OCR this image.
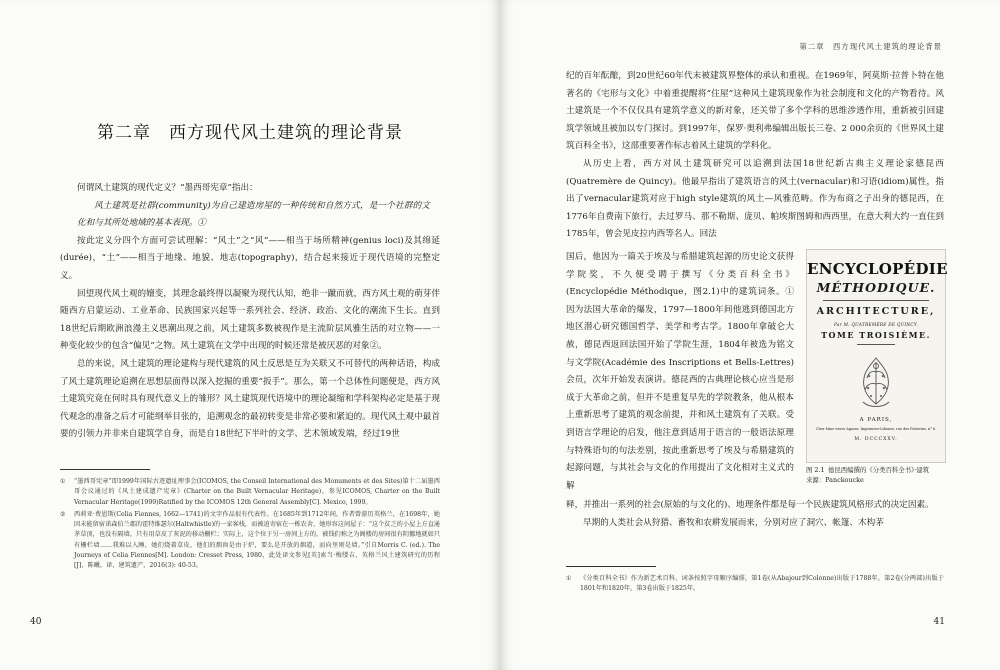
第二章　西方现代风土建筑的理论背景

何谓风土建筑的现代定义？“墨西哥宪章”指出：

风土建筑是社群(community)为自己建造房屋的一种传统和自然方式，是一个社群的文化和与其所处地域的基本表现。①

按此定义分四个方面可尝试理解：“风土”之“风”——相当于场所精神(genius loci)及其绵延(durée)，“土”——相当于地缘、地貌、地志(topography)，结合起来接近于现代语境的完整定义。

回望现代风土观的嬗变，其理念最终得以凝聚为现代认知，绝非一蹴而就，西方风土观的萌芽伴随西方启蒙运动、工业革命、民族国家兴起等一系列社会、经济、政治、文化的潮流下生长。直到18世纪后期欧洲浪漫主义思潮出现之前，风土建筑多数被视作是主流阶层风雅生活的对立物——一种变化较少的包含“偏见”之物。风土建筑在文学中出现的时候还常是被厌恶的对象②。

总的来说，风土建筑的理论建构与现代建筑的风土反思是互为关联又不可替代的两种话语，构成了风土建筑理论追溯在思想层面得以深入挖掘的重要“扳手”。那么，第一个总体性问题便是，西方风土建筑究竟在何时具有现代意义上的雏形？风土建筑现代语境中的理论凝缩和学科架构必定是基于现代观念的准备之后才可能纲举目张的，追溯观念的最初转变是非常必要和紧迫的。现代风土观中最首要的引领力并非来自建筑学自身，而是自18世纪下半叶的文学、艺术领域发端，经过19世

①	“墨西哥宪章”即1999年国际古迹遗址理事会(ICOMOS, the Conseil International des Monuments et des Sites)第十二届墨西哥会议通过的《风土建成遗产宪章》(Charter on the Built Vernacular Heritage)，参见ICOMOS, Charter on the Built Vernacular Heritage(1999)Ratified by the ICOMOS 12th General Assembly[C]. Mexico, 1999。
②	西莉亚·费恩斯(Celia Fiennes, 1662—1741)的文字作品很有代表性。在1685年到1712年间，作者曾游历英格兰，在1698年，她因未能留宿诺森伯兰郡的霍特维瑟尔(Haltwhistle)的一家客栈，而被迫寄宿在一栋农舍，她形容这间屋子：“这个贫乏的小屋上方直通茅草顶，也没有隔墙，只有用草皮了灰泥的移动栅栏；实际上，这个位于另一房间上方的，被钱们称之为阁楼的房间很有阴挪地就如只有栅栏墙……我难以入睡，她们烧着草皮，他们的烟囱是由于炉，要么是开放的烟道，而向里则是墙。”引自Morris C. (ed.). The Journeys of Celia Fiennes[M]. London: Cresset Press, 1980，此处译文参见[英]索当·梅缕吉，英格兰风土建筑研究的历程[J]，陈曦，译，建筑遗产，2016(3): 40-53。
40
第二章　西方现代风土建筑的理论背景

纪的百年酝酿，到20世纪60年代末被建筑界整体的承认和重视。在1969年，阿莫斯·拉普卜特在他著名的《宅形与文化》中着重提醒将“住屋”这种风土建筑现象作为社会制度和文化的产物看待。风土建筑是一个不仅仅具有建筑学意义的新对象，还关带了多个学科的思维涉透作用，重新被引回建筑学领域且被加以专门探讨。到1997年，保罗·奥利弗编辑出版长三卷、2 000余页的《世界风土建筑百科全书》，这部重要著作标志着风土建筑的学科化。

从历史上看，西方对风土建筑研究可以追溯到法国18世纪新古典主义理论家德昆西(Quatremère de Quincy)。他最早指出了建筑语言的风土(vernacular)和习语(idiom)属性，指出了vernacular建筑对应于high style建筑的风土—风雅范畴。作为布商之子出身的德昆西，在1776年自费南下旅行，去过罗马、那不勒斯、庞贝、帕埃斯图姆和西西里，在意大利大约一直住到1785年，曾会见皮拉内西等名人。回法

国后，他因为一篇关于埃及与希腊建筑起源的历史论文获得学院奖，不久便受聘于撰写《分类百科全书》(Encyclopédie Méthodique，图2.1)中的建筑词条。① 因为法国大革命的爆发，1797—1800年间他逃到德国北方地区潜心研究德国哲学、美学和考古学。1800年拿破仑大赦，德昆西返回法国开始了学院生涯，1804年被选为铭文与文学院(Académie des Inscriptions et Bells-Lettres)会员，次年开始发表演讲。德昆西的古典理论核心应当是形成于大革命之前，但并不是重复早先的学院教条，他从根本上重新思考了建筑的观念前提，并和风土建筑有了关联。受到语言学理论的启发，他注意到适用于语言的一般语法原理与特殊语句的句法差别，按此重新思考了埃及与希腊建筑的起源问题，与其社会与文化的作用提出了文化相对主义式的解

ENCYCLOPÉDIE
MÉTHODIQUE.
ARCHITECTURE,
Par M. QUATREMÈRE DE QUINCY.
TOME TROISIÈME.
A PARIS,
Chez Mme veuve Agasse, Imprimeur-Libraire, rue des Poitevins, n° 6.
M. DCCCXXV.
图 2.1 德昆西编撰的《分类百科全书》·建筑
来源：Panckoucke

释，并推出一系列的社会(原始的与文化的)、地理条件都是每一个民族建筑风格形式的决定因素。

早期的人类社会从狩猎、畜牧和农耕发展而来，分别对应了洞穴、帐篷、木构茅

①	《分类百科全书》作为新艺术百科，词条按照字母顺序编排，第1卷(从Abajour到Colonne)出版于1788年，第2卷(分两部)出版于1801年和1820年，第3卷出版于1825年。
41
